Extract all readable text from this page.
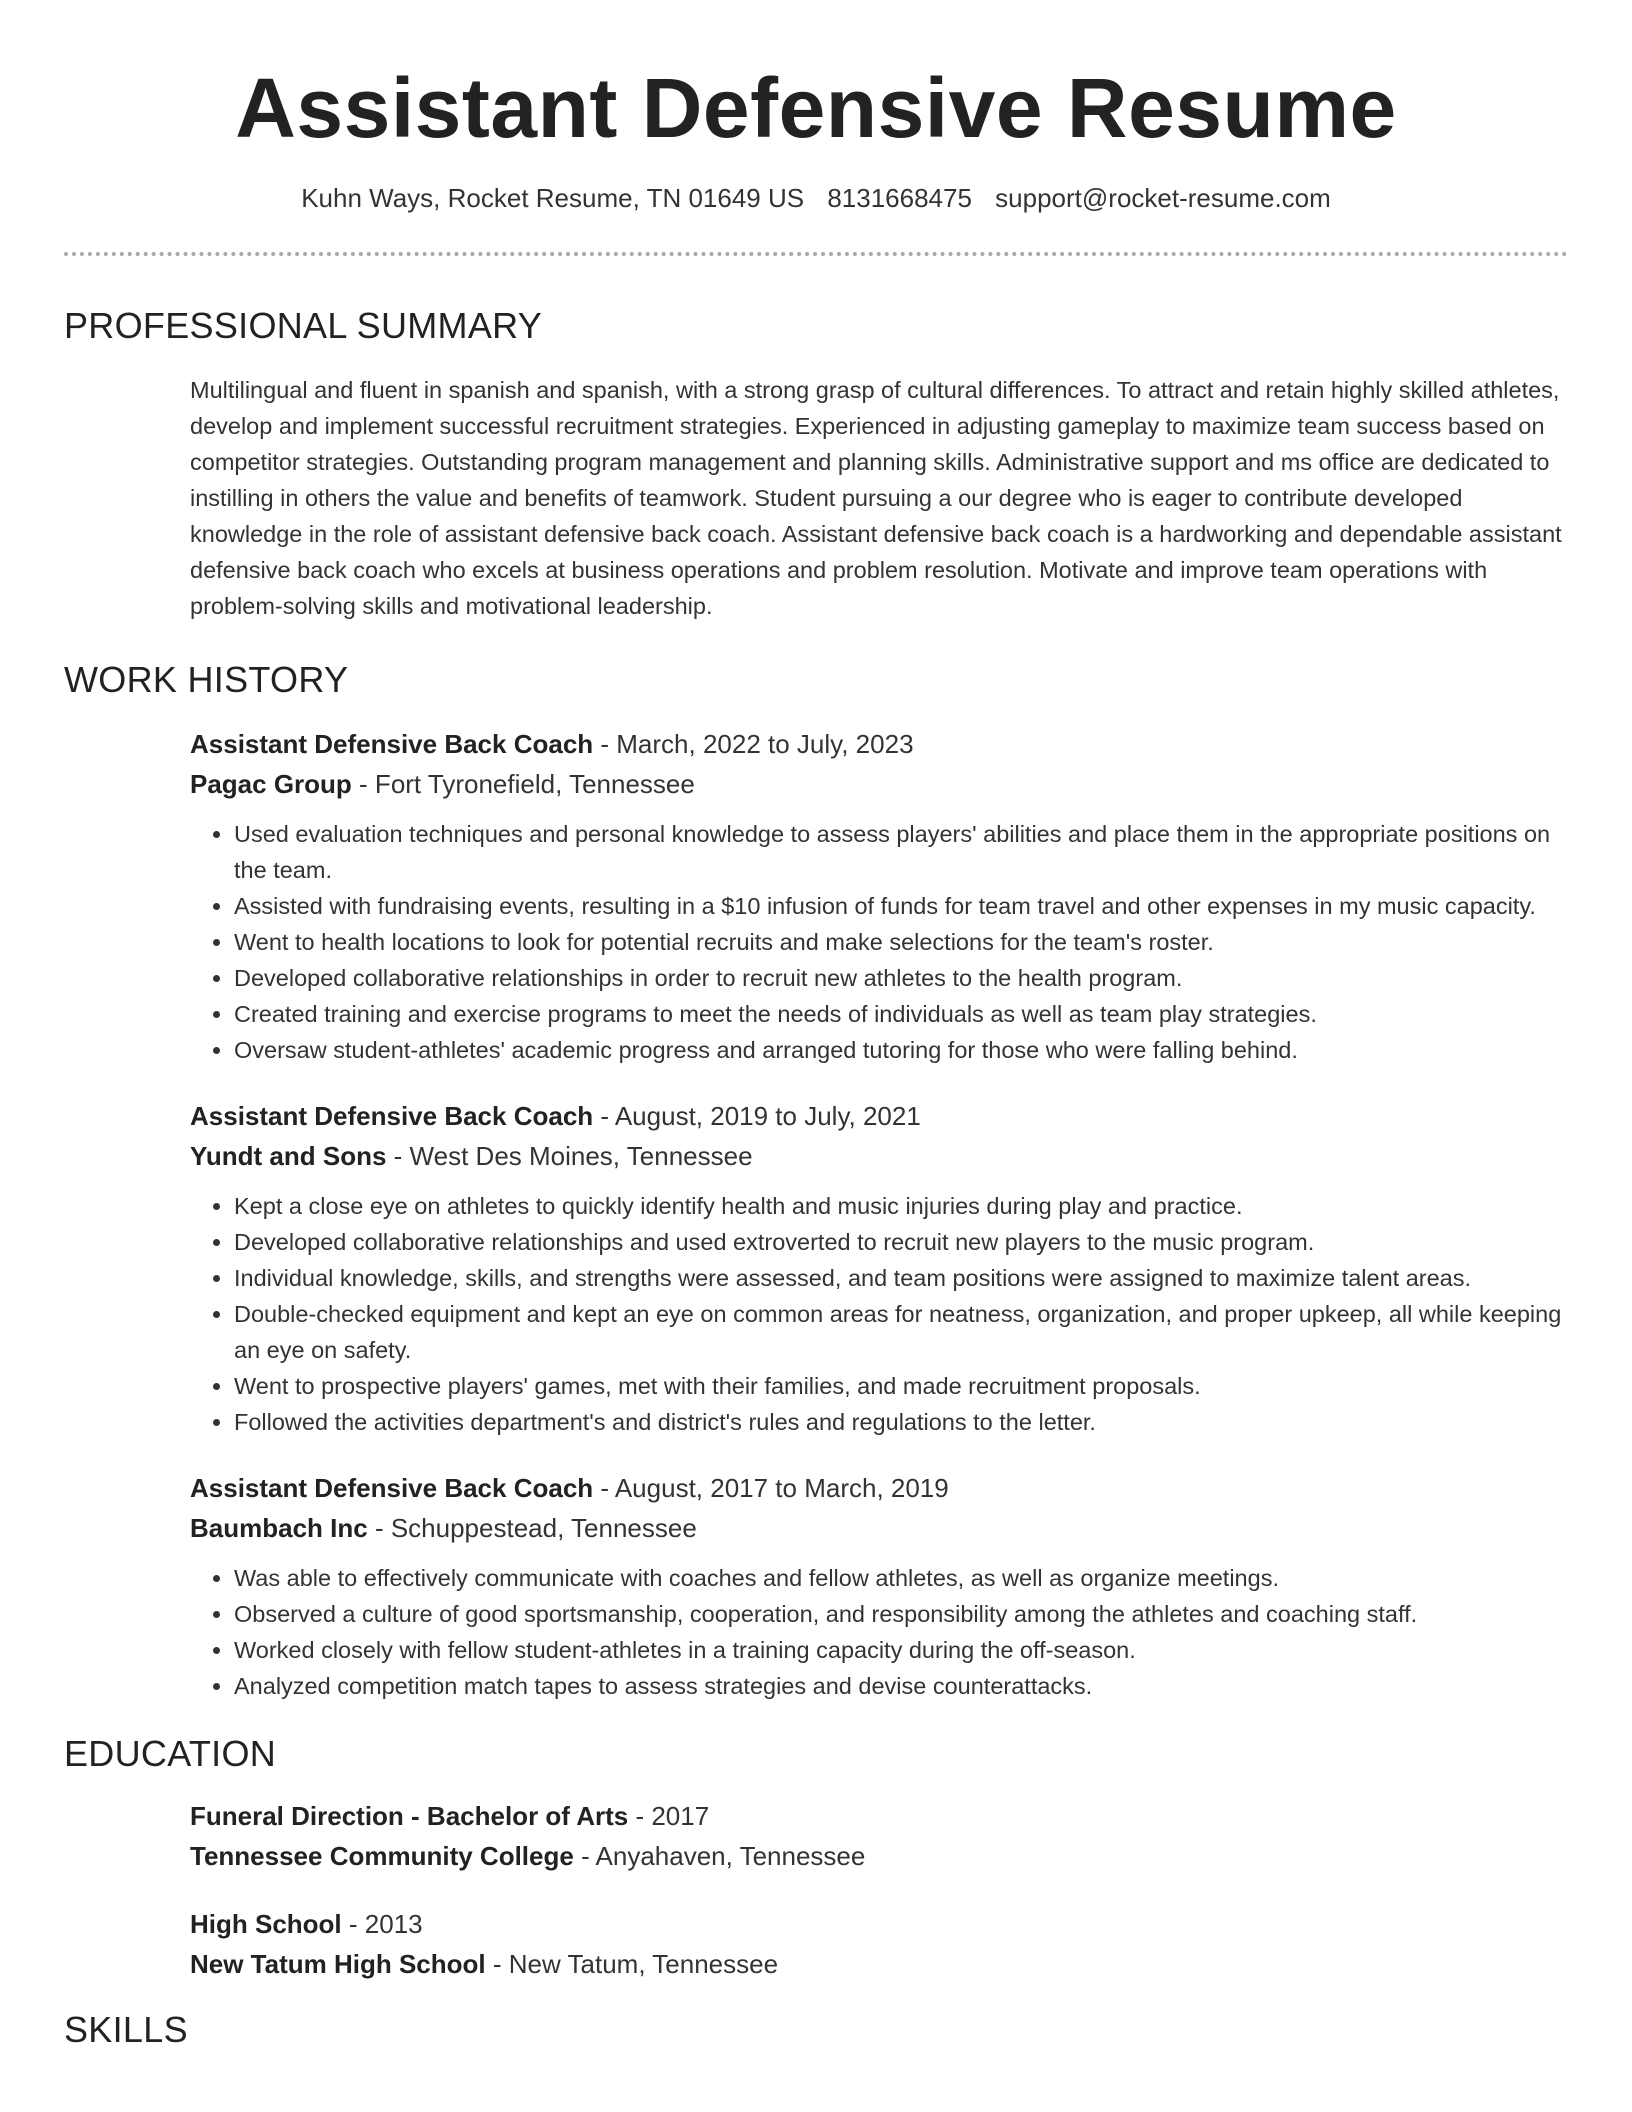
Assistant Defensive Resume
Kuhn Ways, Rocket Resume, TN 01649 US 8131668475 support@rocket-resume.com
PROFESSIONAL SUMMARY

Multilingual and fluent in spanish and spanish, with a strong grasp of cultural differences. To attract and retain highly skilled athletes, develop and implement successful recruitment strategies. Experienced in adjusting gameplay to maximize team success based on competitor strategies. Outstanding program management and planning skills. Administrative support and ms office are dedicated to instilling in others the value and benefits of teamwork. Student pursuing a our degree who is eager to contribute developed knowledge in the role of assistant defensive back coach. Assistant defensive back coach is a hardworking and dependable assistant defensive back coach who excels at business operations and problem resolution. Motivate and improve team operations with problem-solving skills and motivational leadership.

WORK HISTORY
Assistant Defensive Back Coach - March, 2022 to July, 2023
Pagac Group - Fort Tyronefield, Tennessee
• Used evaluation techniques and personal knowledge to assess players' abilities and place them in the appropriate positions on the team.
• Assisted with fundraising events, resulting in a $10 infusion of funds for team travel and other expenses in my music capacity.
• Went to health locations to look for potential recruits and make selections for the team's roster.
• Developed collaborative relationships in order to recruit new athletes to the health program.
• Created training and exercise programs to meet the needs of individuals as well as team play strategies.
• Oversaw student-athletes' academic progress and arranged tutoring for those who were falling behind.
Assistant Defensive Back Coach - August, 2019 to July, 2021
Yundt and Sons - West Des Moines, Tennessee
• Kept a close eye on athletes to quickly identify health and music injuries during play and practice.
• Developed collaborative relationships and used extroverted to recruit new players to the music program.
• Individual knowledge, skills, and strengths were assessed, and team positions were assigned to maximize talent areas.
• Double-checked equipment and kept an eye on common areas for neatness, organization, and proper upkeep, all while keeping an eye on safety.
• Went to prospective players' games, met with their families, and made recruitment proposals.
• Followed the activities department's and district's rules and regulations to the letter.
Assistant Defensive Back Coach - August, 2017 to March, 2019
Baumbach Inc - Schuppestead, Tennessee
• Was able to effectively communicate with coaches and fellow athletes, as well as organize meetings.
• Observed a culture of good sportsmanship, cooperation, and responsibility among the athletes and coaching staff.
• Worked closely with fellow student-athletes in a training capacity during the off-season.
• Analyzed competition match tapes to assess strategies and devise counterattacks.
EDUCATION
Funeral Direction - Bachelor of Arts - 2017
Tennessee Community College - Anyahaven, Tennessee
High School - 2013
New Tatum High School - New Tatum, Tennessee
SKILLS
